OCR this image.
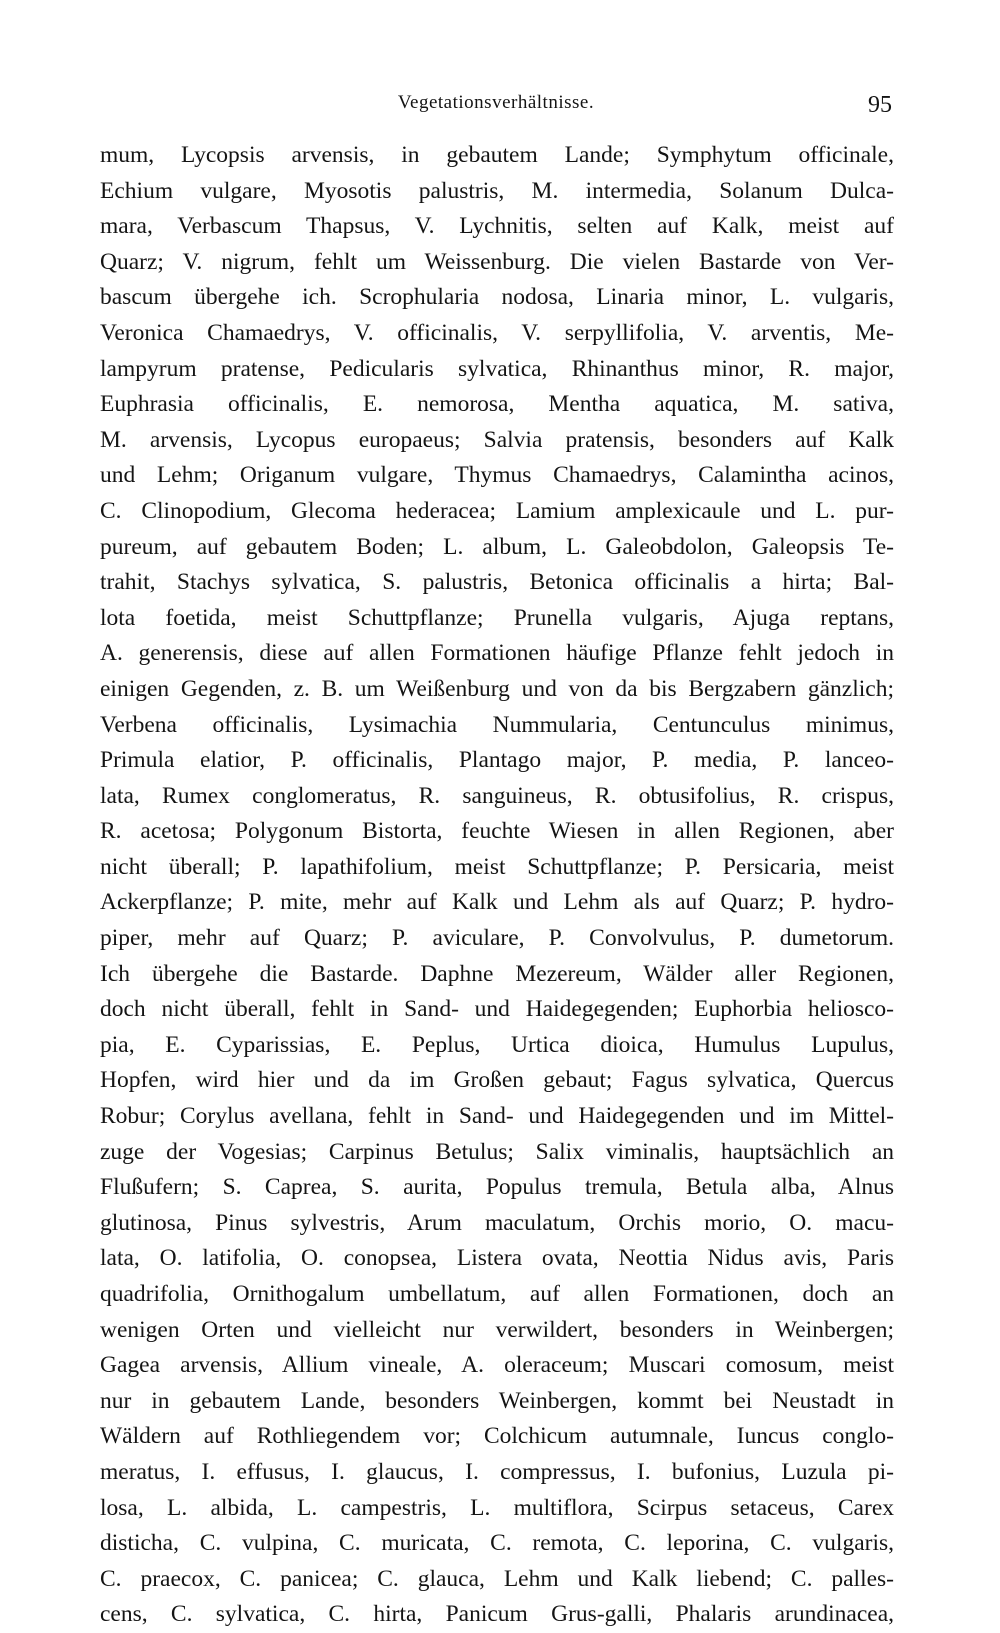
Vegetationsverhältnisse.	95
mum, Lycopsis arvensis, in gebautem Lande; Symphytum officinale,
Echium vulgare, Myosotis palustris, M. intermedia, Solanum Dulca-
mara, Verbascum Thapsus, V. Lychnitis, selten auf Kalk, meist auf
Quarz; V. nigrum, fehlt um Weissenburg. Die vielen Bastarde von Ver-
bascum übergehe ich. Scrophularia nodosa, Linaria minor, L. vulgaris,
Veronica Chamaedrys, V. officinalis, V. serpyllifolia, V. arventis, Me-
lampyrum pratense, Pedicularis sylvatica, Rhinanthus minor, R. major,
Euphrasia officinalis, E. nemorosa, Mentha aquatica, M. sativa,
M. arvensis, Lycopus europaeus; Salvia pratensis, besonders auf Kalk
und Lehm; Origanum vulgare, Thymus Chamaedrys, Calamintha acinos,
C. Clinopodium, Glecoma hederacea; Lamium amplexicaule und L. pur-
pureum, auf gebautem Boden; L. album, L. Galeobdolon, Galeopsis Te-
trahit, Stachys sylvatica, S. palustris, Betonica officinalis a hirta; Bal-
lota foetida, meist Schuttpflanze; Prunella vulgaris, Ajuga reptans,
A. generensis, diese auf allen Formationen häufige Pflanze fehlt jedoch in
einigen Gegenden, z. B. um Weißenburg und von da bis Bergzabern gänzlich;
Verbena officinalis, Lysimachia Nummularia, Centunculus minimus,
Primula elatior, P. officinalis, Plantago major, P. media, P. lanceo-
lata, Rumex conglomeratus, R. sanguineus, R. obtusifolius, R. crispus,
R. acetosa; Polygonum Bistorta, feuchte Wiesen in allen Regionen, aber
nicht überall; P. lapathifolium, meist Schuttpflanze; P. Persicaria, meist
Ackerpflanze; P. mite, mehr auf Kalk und Lehm als auf Quarz; P. hydro-
piper, mehr auf Quarz; P. aviculare, P. Convolvulus, P. dumetorum.
Ich übergehe die Bastarde. Daphne Mezereum, Wälder aller Regionen,
doch nicht überall, fehlt in Sand- und Haidegegenden; Euphorbia heliosco-
pia, E. Cyparissias, E. Peplus, Urtica dioica, Humulus Lupulus,
Hopfen, wird hier und da im Großen gebaut; Fagus sylvatica, Quercus
Robur; Corylus avellana, fehlt in Sand- und Haidegegenden und im Mittel-
zuge der Vogesias; Carpinus Betulus; Salix viminalis, hauptsächlich an
Flußufern; S. Caprea, S. aurita, Populus tremula, Betula alba, Alnus
glutinosa, Pinus sylvestris, Arum maculatum, Orchis morio, O. macu-
lata, O. latifolia, O. conopsea, Listera ovata, Neottia Nidus avis, Paris
quadrifolia, Ornithogalum umbellatum, auf allen Formationen, doch an
wenigen Orten und vielleicht nur verwildert, besonders in Weinbergen;
Gagea arvensis, Allium vineale, A. oleraceum; Muscari comosum, meist
nur in gebautem Lande, besonders Weinbergen, kommt bei Neustadt in
Wäldern auf Rothliegendem vor; Colchicum autumnale, Iuncus conglo-
meratus, I. effusus, I. glaucus, I. compressus, I. bufonius, Luzula pi-
losa, L. albida, L. campestris, L. multiflora, Scirpus setaceus, Carex
disticha, C. vulpina, C. muricata, C. remota, C. leporina, C. vulgaris,
C. praecox, C. panicea; C. glauca, Lehm und Kalk liebend; C. palles-
cens, C. sylvatica, C. hirta, Panicum Grus-galli, Phalaris arundinacea,
